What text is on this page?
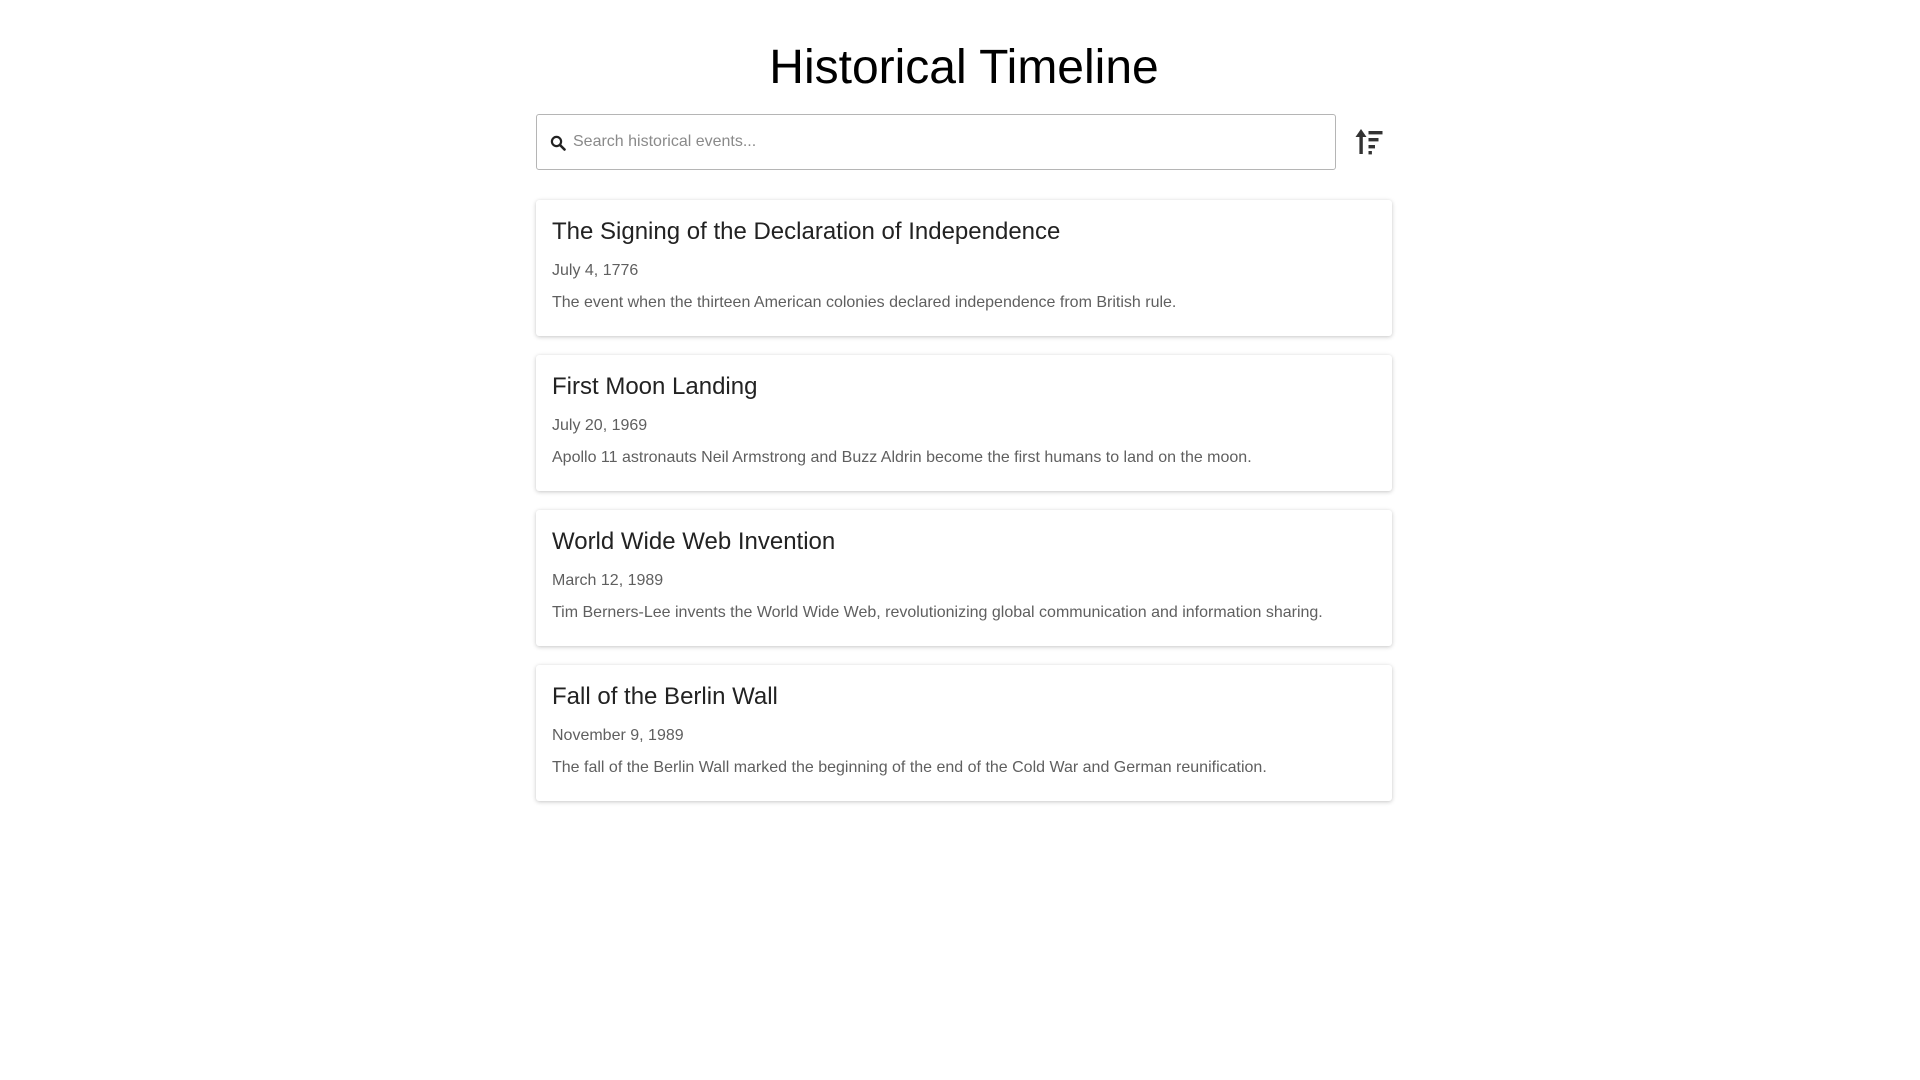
Historical Timeline
Search historical events...
The Signing of the Declaration of Independence
July 4, 1776
The event when the thirteen American colonies declared independence from British rule.
First Moon Landing
July 20, 1969
Apollo 11 astronauts Neil Armstrong and Buzz Aldrin become the first humans to land on the moon.
World Wide Web Invention
March 12, 1989
Tim Berners-Lee invents the World Wide Web, revolutionizing global communication and information sharing.
Fall of the Berlin Wall
November 9, 1989
The fall of the Berlin Wall marked the beginning of the end of the Cold War and German reunification.
